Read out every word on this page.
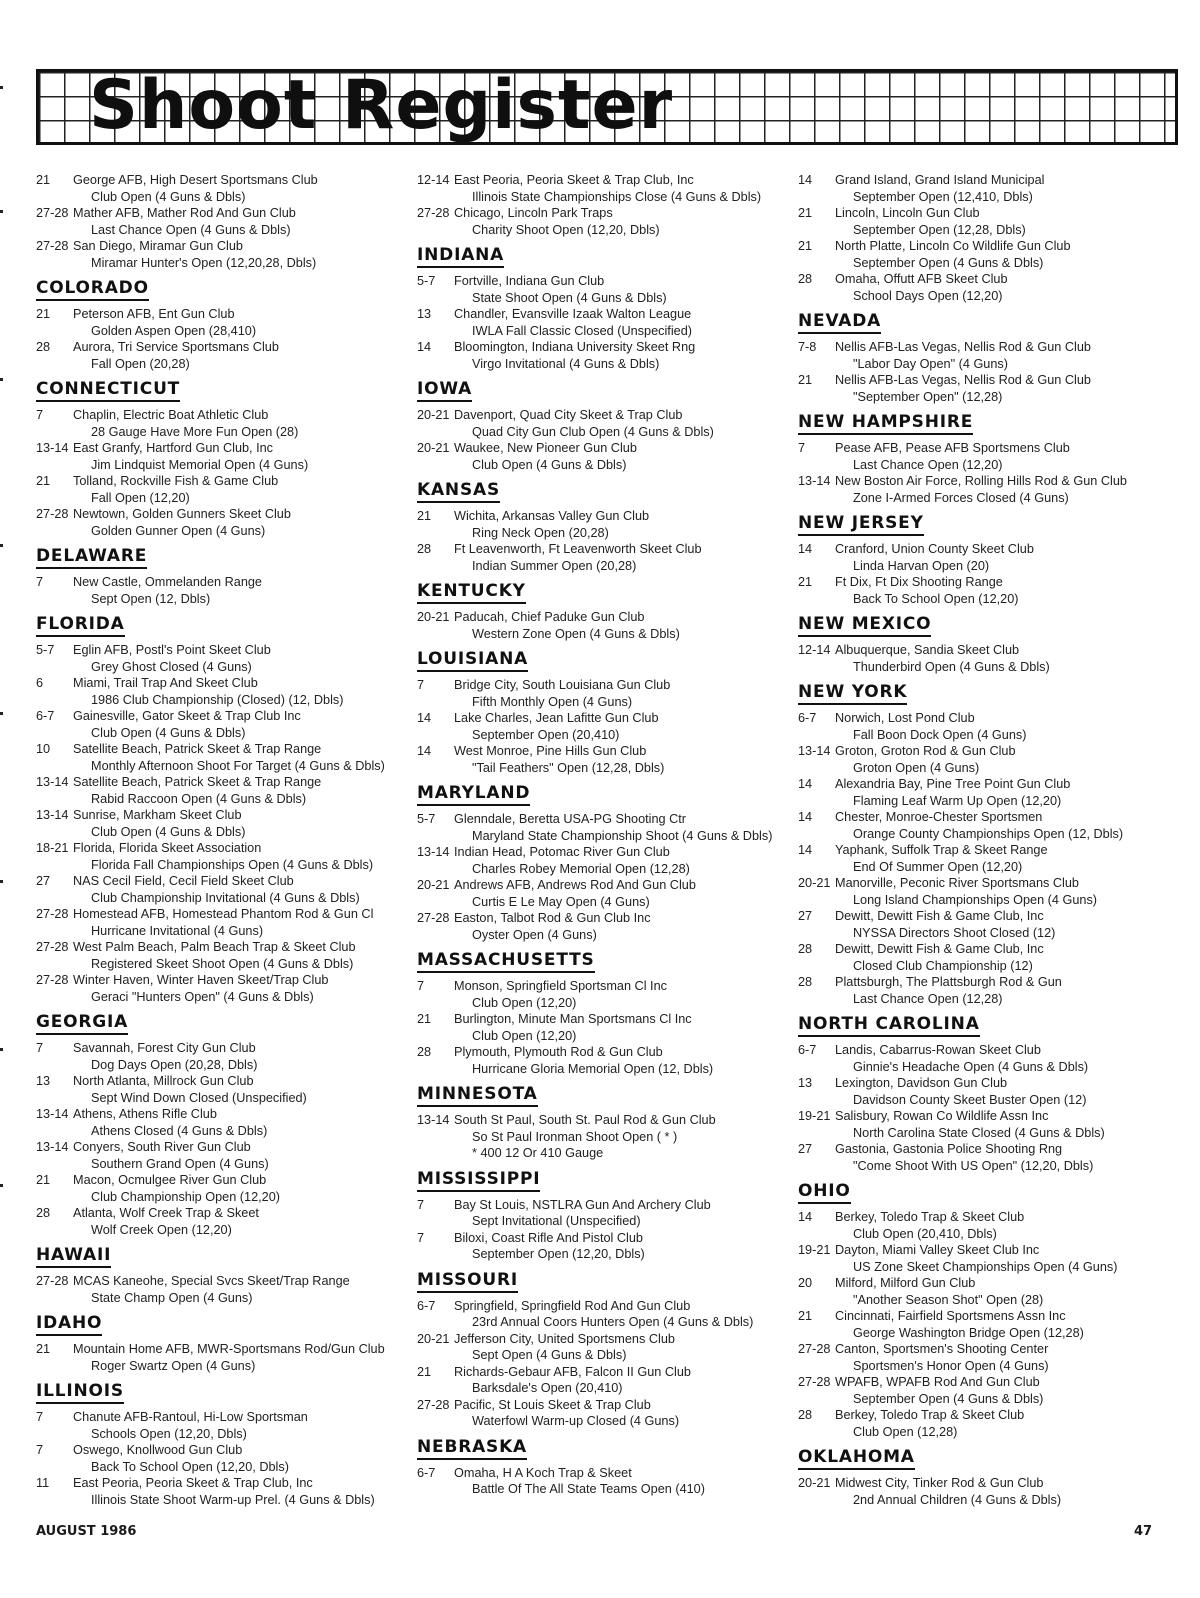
Shoot Register
21 George AFB, High Desert Sportsmans Club
Club Open (4 Guns & Dbls)
27-28 Mather AFB, Mather Rod And Gun Club
Last Chance Open (4 Guns & Dbls)
27-28 San Diego, Miramar Gun Club
Miramar Hunter's Open (12,20,28, Dbls)
COLORADO
21 Peterson AFB, Ent Gun Club
Golden Aspen Open (28,410)
28 Aurora, Tri Service Sportsmans Club
Fall Open (20,28)
CONNECTICUT
7 Chaplin, Electric Boat Athletic Club
28 Gauge Have More Fun Open (28)
13-14 East Granfy, Hartford Gun Club, Inc
Jim Lindquist Memorial Open (4 Guns)
21 Tolland, Rockville Fish & Game Club
Fall Open (12,20)
27-28 Newtown, Golden Gunners Skeet Club
Golden Gunner Open (4 Guns)
DELAWARE
7 New Castle, Ommelanden Range
Sept Open (12, Dbls)
FLORIDA
5-7 Eglin AFB, Postl's Point Skeet Club
Grey Ghost Closed (4 Guns)
6 Miami, Trail Trap And Skeet Club
1986 Club Championship (Closed) (12, Dbls)
6-7 Gainesville, Gator Skeet & Trap Club Inc
Club Open (4 Guns & Dbls)
10 Satellite Beach, Patrick Skeet & Trap Range
Monthly Afternoon Shoot For Target (4 Guns & Dbls)
13-14 Satellite Beach, Patrick Skeet & Trap Range
Rabid Raccoon Open (4 Guns & Dbls)
13-14 Sunrise, Markham Skeet Club
Club Open (4 Guns & Dbls)
18-21 Florida, Florida Skeet Association
Florida Fall Championships Open (4 Guns & Dbls)
27 NAS Cecil Field, Cecil Field Skeet Club
Club Championship Invitational (4 Guns & Dbls)
27-28 Homestead AFB, Homestead Phantom Rod & Gun Cl
Hurricane Invitational (4 Guns)
27-28 West Palm Beach, Palm Beach Trap & Skeet Club
Registered Skeet Shoot Open (4 Guns & Dbls)
27-28 Winter Haven, Winter Haven Skeet/Trap Club
Geraci "Hunters Open" (4 Guns & Dbls)
GEORGIA
7 Savannah, Forest City Gun Club
Dog Days Open (20,28, Dbls)
13 North Atlanta, Millrock Gun Club
Sept Wind Down Closed (Unspecified)
13-14 Athens, Athens Rifle Club
Athens Closed (4 Guns & Dbls)
13-14 Conyers, South River Gun Club
Southern Grand Open (4 Guns)
21 Macon, Ocmulgee River Gun Club
Club Championship Open (12,20)
28 Atlanta, Wolf Creek Trap & Skeet
Wolf Creek Open (12,20)
HAWAII
27-28 MCAS Kaneohe, Special Svcs Skeet/Trap Range
State Champ Open (4 Guns)
IDAHO
21 Mountain Home AFB, MWR-Sportsmans Rod/Gun Club
Roger Swartz Open (4 Guns)
ILLINOIS
7 Chanute AFB-Rantoul, Hi-Low Sportsman
Schools Open (12,20, Dbls)
7 Oswego, Knollwood Gun Club
Back To School Open (12,20, Dbls)
11 East Peoria, Peoria Skeet & Trap Club, Inc
Illinois State Shoot Warm-up Prel. (4 Guns & Dbls)
12-14 East Peoria, Peoria Skeet & Trap Club, Inc
Illinois State Championships Close (4 Guns & Dbls)
27-28 Chicago, Lincoln Park Traps
Charity Shoot Open (12,20, Dbls)
INDIANA
5-7 Fortville, Indiana Gun Club
State Shoot Open (4 Guns & Dbls)
13 Chandler, Evansville Izaak Walton League
IWLA Fall Classic Closed (Unspecified)
14 Bloomington, Indiana University Skeet Rng
Virgo Invitational (4 Guns & Dbls)
IOWA
20-21 Davenport, Quad City Skeet & Trap Club
Quad City Gun Club Open (4 Guns & Dbls)
20-21 Waukee, New Pioneer Gun Club
Club Open (4 Guns & Dbls)
KANSAS
21 Wichita, Arkansas Valley Gun Club
Ring Neck Open (20,28)
28 Ft Leavenworth, Ft Leavenworth Skeet Club
Indian Summer Open (20,28)
KENTUCKY
20-21 Paducah, Chief Paduke Gun Club
Western Zone Open (4 Guns & Dbls)
LOUISIANA
7 Bridge City, South Louisiana Gun Club
Fifth Monthly Open (4 Guns)
14 Lake Charles, Jean Lafitte Gun Club
September Open (20,410)
14 West Monroe, Pine Hills Gun Club
"Tail Feathers" Open (12,28, Dbls)
MARYLAND
5-7 Glenndale, Beretta USA-PG Shooting Ctr
Maryland State Championship Shoot (4 Guns & Dbls)
13-14 Indian Head, Potomac River Gun Club
Charles Robey Memorial Open (12,28)
20-21 Andrews AFB, Andrews Rod And Gun Club
Curtis E Le May Open (4 Guns)
27-28 Easton, Talbot Rod & Gun Club Inc
Oyster Open (4 Guns)
MASSACHUSETTS
7 Monson, Springfield Sportsman Cl Inc
Club Open (12,20)
21 Burlington, Minute Man Sportsmans Cl Inc
Club Open (12,20)
28 Plymouth, Plymouth Rod & Gun Club
Hurricane Gloria Memorial Open (12, Dbls)
MINNESOTA
13-14 South St Paul, South St. Paul Rod & Gun Club
So St Paul Ironman Shoot Open ( * )
* 400 12 Or 410 Gauge
MISSISSIPPI
7 Bay St Louis, NSTLRA Gun And Archery Club
Sept Invitational (Unspecified)
7 Biloxi, Coast Rifle And Pistol Club
September Open (12,20, Dbls)
MISSOURI
6-7 Springfield, Springfield Rod And Gun Club
23rd Annual Coors Hunters Open (4 Guns & Dbls)
20-21 Jefferson City, United Sportsmens Club
Sept Open (4 Guns & Dbls)
21 Richards-Gebaur AFB, Falcon II Gun Club
Barksdale's Open (20,410)
27-28 Pacific, St Louis Skeet & Trap Club
Waterfowl Warm-up Closed (4 Guns)
NEBRASKA
6-7 Omaha, H A Koch Trap & Skeet
Battle Of The All State Teams Open (410)
14 Grand Island, Grand Island Municipal
September Open (12,410, Dbls)
21 Lincoln, Lincoln Gun Club
September Open (12,28, Dbls)
21 North Platte, Lincoln Co Wildlife Gun Club
September Open (4 Guns & Dbls)
28 Omaha, Offutt AFB Skeet Club
School Days Open (12,20)
NEVADA
7-8 Nellis AFB-Las Vegas, Nellis Rod & Gun Club
"Labor Day Open" (4 Guns)
21 Nellis AFB-Las Vegas, Nellis Rod & Gun Club
"September Open" (12,28)
NEW HAMPSHIRE
7 Pease AFB, Pease AFB Sportsmens Club
Last Chance Open (12,20)
13-14 New Boston Air Force, Rolling Hills Rod & Gun Club
Zone I-Armed Forces Closed (4 Guns)
NEW JERSEY
14 Cranford, Union County Skeet Club
Linda Harvan Open (20)
21 Ft Dix, Ft Dix Shooting Range
Back To School Open (12,20)
NEW MEXICO
12-14 Albuquerque, Sandia Skeet Club
Thunderbird Open (4 Guns & Dbls)
NEW YORK
6-7 Norwich, Lost Pond Club
Fall Boon Dock Open (4 Guns)
13-14 Groton, Groton Rod & Gun Club
Groton Open (4 Guns)
14 Alexandria Bay, Pine Tree Point Gun Club
Flaming Leaf Warm Up Open (12,20)
14 Chester, Monroe-Chester Sportsmen
Orange County Championships Open (12, Dbls)
14 Yaphank, Suffolk Trap & Skeet Range
End Of Summer Open (12,20)
20-21 Manorville, Peconic River Sportsmans Club
Long Island Championships Open (4 Guns)
27 Dewitt, Dewitt Fish & Game Club, Inc
NYSSA Directors Shoot Closed (12)
28 Dewitt, Dewitt Fish & Game Club, Inc
Closed Club Championship (12)
28 Plattsburgh, The Plattsburgh Rod & Gun
Last Chance Open (12,28)
NORTH CAROLINA
6-7 Landis, Cabarrus-Rowan Skeet Club
Ginnie's Headache Open (4 Guns & Dbls)
13 Lexington, Davidson Gun Club
Davidson County Skeet Buster Open (12)
19-21 Salisbury, Rowan Co Wildlife Assn Inc
North Carolina State Closed (4 Guns & Dbls)
27 Gastonia, Gastonia Police Shooting Rng
"Come Shoot With US Open" (12,20, Dbls)
OHIO
14 Berkey, Toledo Trap & Skeet Club
Club Open (20,410, Dbls)
19-21 Dayton, Miami Valley Skeet Club Inc
US Zone Skeet Championships Open (4 Guns)
20 Milford, Milford Gun Club
"Another Season Shot" Open (28)
21 Cincinnati, Fairfield Sportsmens Assn Inc
George Washington Bridge Open (12,28)
27-28 Canton, Sportsmen's Shooting Center
Sportsmen's Honor Open (4 Guns)
27-28 WPAFB, WPAFB Rod And Gun Club
September Open (4 Guns & Dbls)
28 Berkey, Toledo Trap & Skeet Club
Club Open (12,28)
OKLAHOMA
20-21 Midwest City, Tinker Rod & Gun Club
2nd Annual Children (4 Guns & Dbls)
AUGUST 1986	47
